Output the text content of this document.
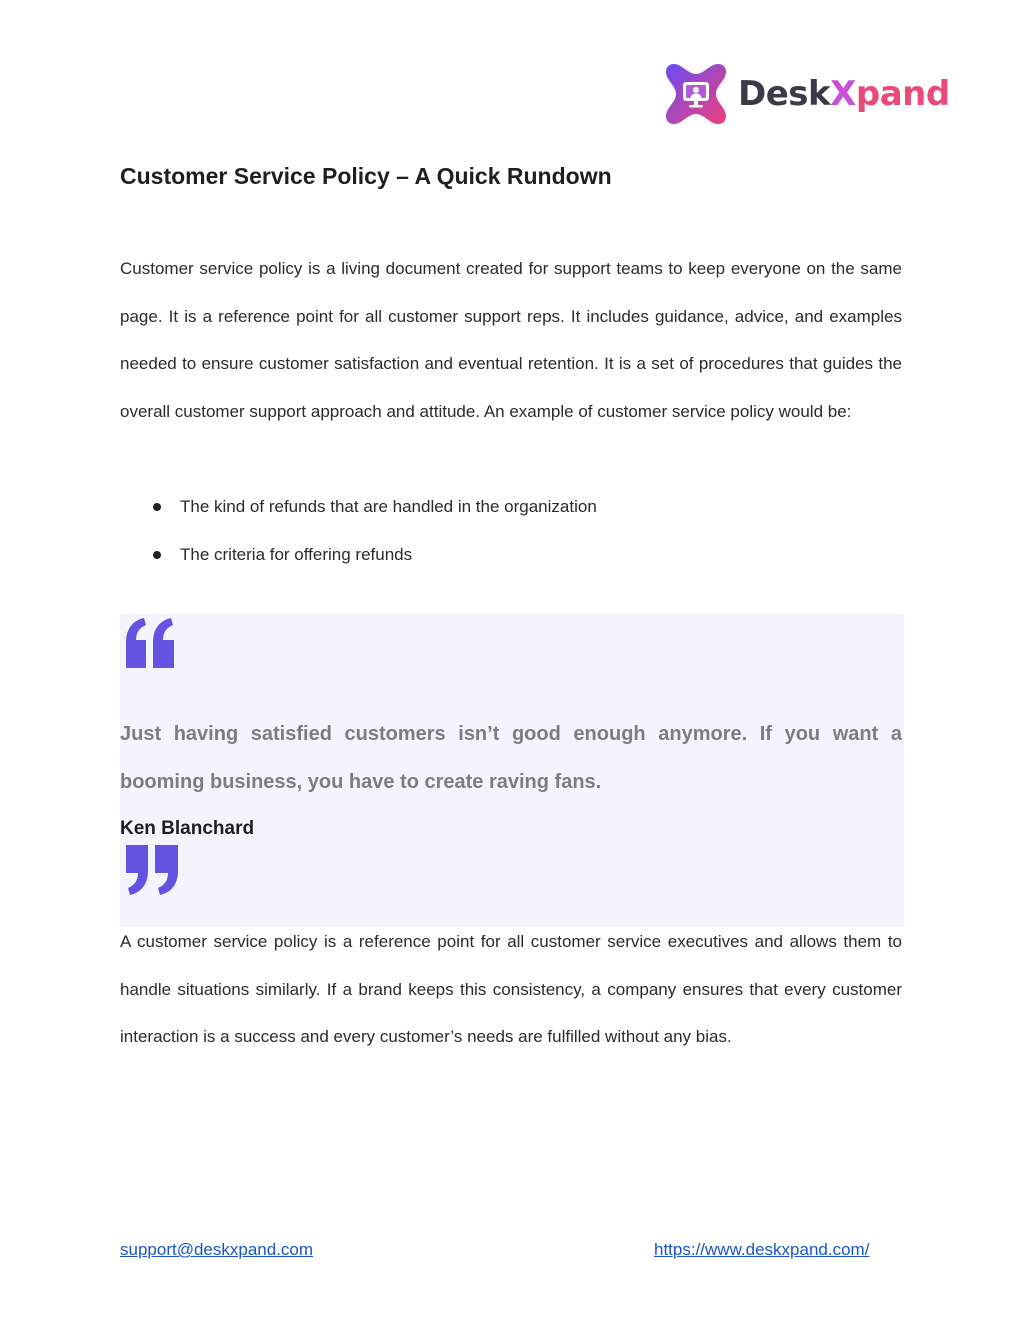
DeskXpand
Customer Service Policy – A Quick Rundown

Customer service policy is a living document created for support teams to keep everyone on the same page. It is a reference point for all customer support reps. It includes guidance, advice, and examples needed to ensure customer satisfaction and eventual retention. It is a set of procedures that guides the overall customer support approach and attitude. An example of customer service policy would be:

The kind of refunds that are handled in the organization
The criteria for offering refunds

Just having satisfied customers isn’t good enough anymore. If you want a booming business, you have to create raving fans.

Ken Blanchard

A customer service policy is a reference point for all customer service executives and allows them to handle situations similarly. If a brand keeps this consistency, a company ensures that every customer interaction is a success and every customer’s needs are fulfilled without any bias.

support@deskxpand.com	https://www.deskxpand.com/
